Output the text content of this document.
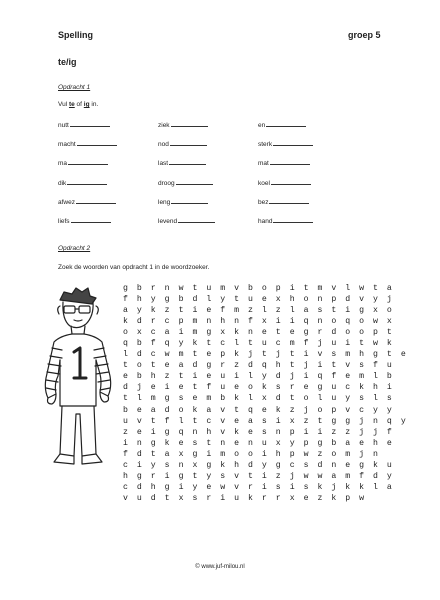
Spelling	groep 5
te/ig
Opdracht 1
Vul te of ig in.
nutt	ziek	en
macht	nod	sterk
ma	last	mat
dik	droog	koel
afwez	leng	bez
liefs	levend	hand
Opdracht 2
Zoek de woorden van opdracht 1 in de woordzoeker.
g b r n w t u m v b o p i t m v l w t a
f h y g b d l y t u e x h o n p d v y j
a y k z t i e f m z l z l a s t i g x o
k d r c p m n h n f x i i q n o q o w x
o x c a i m g x k n e t e g r d o o p t
q b f q y k t c l t u c m f j u i t w k
l d c w m t e p k j t j t i v s m h g t e
t o t e a d g r z d q h t j i t v s f u
e b h z t i e u i l y d j i q f e m l b
d j e i e t f u e o k s r e g u c k h i
t l m g s e m b k l x d t o l u y s l s
b e a d o k a v t q e k z j o p v c y y
u v t f l t c v e a s i x z t g g j n q y
z e i g q n h v k e s n p i i z z j j f
i n g k e s t n e n u x y p g b a e h e
f d t a x g i m o o i h p w z o m j n
c i y s n x g k h d y g c s d n e g k u
h g r i g t y s v t i z j w w a m f d y
c d h g i y e w v r i s i s k j k k l a
v u d t x s r i u k r r x e z k p w
© www.juf-milou.nl
